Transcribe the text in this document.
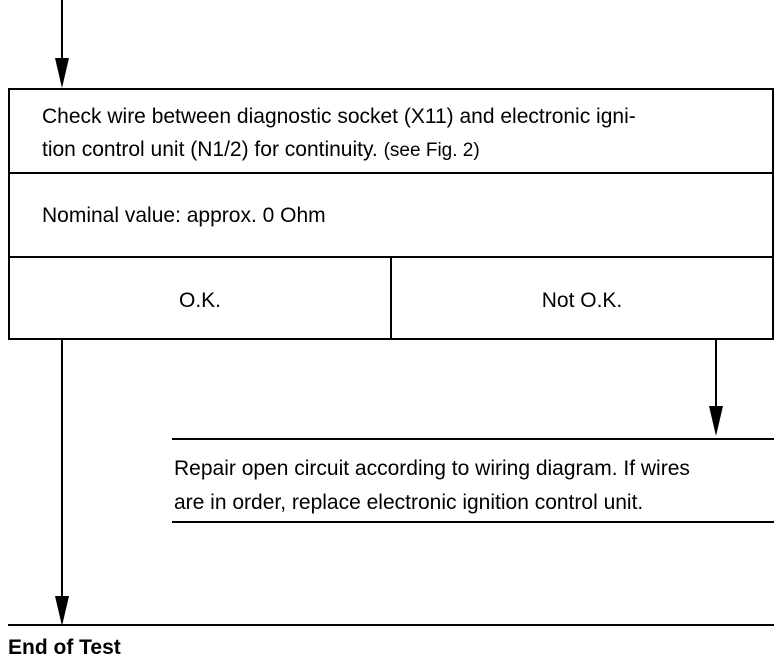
Check wire between diagnostic socket (X11) and electronic igni-
tion control unit (N1/2) for continuity. (see Fig. 2)
Nominal value: approx. 0 Ohm
O.K.	Not O.K.
Repair open circuit according to wiring diagram. If wires
are in order, replace electronic ignition control unit.
End of Test
